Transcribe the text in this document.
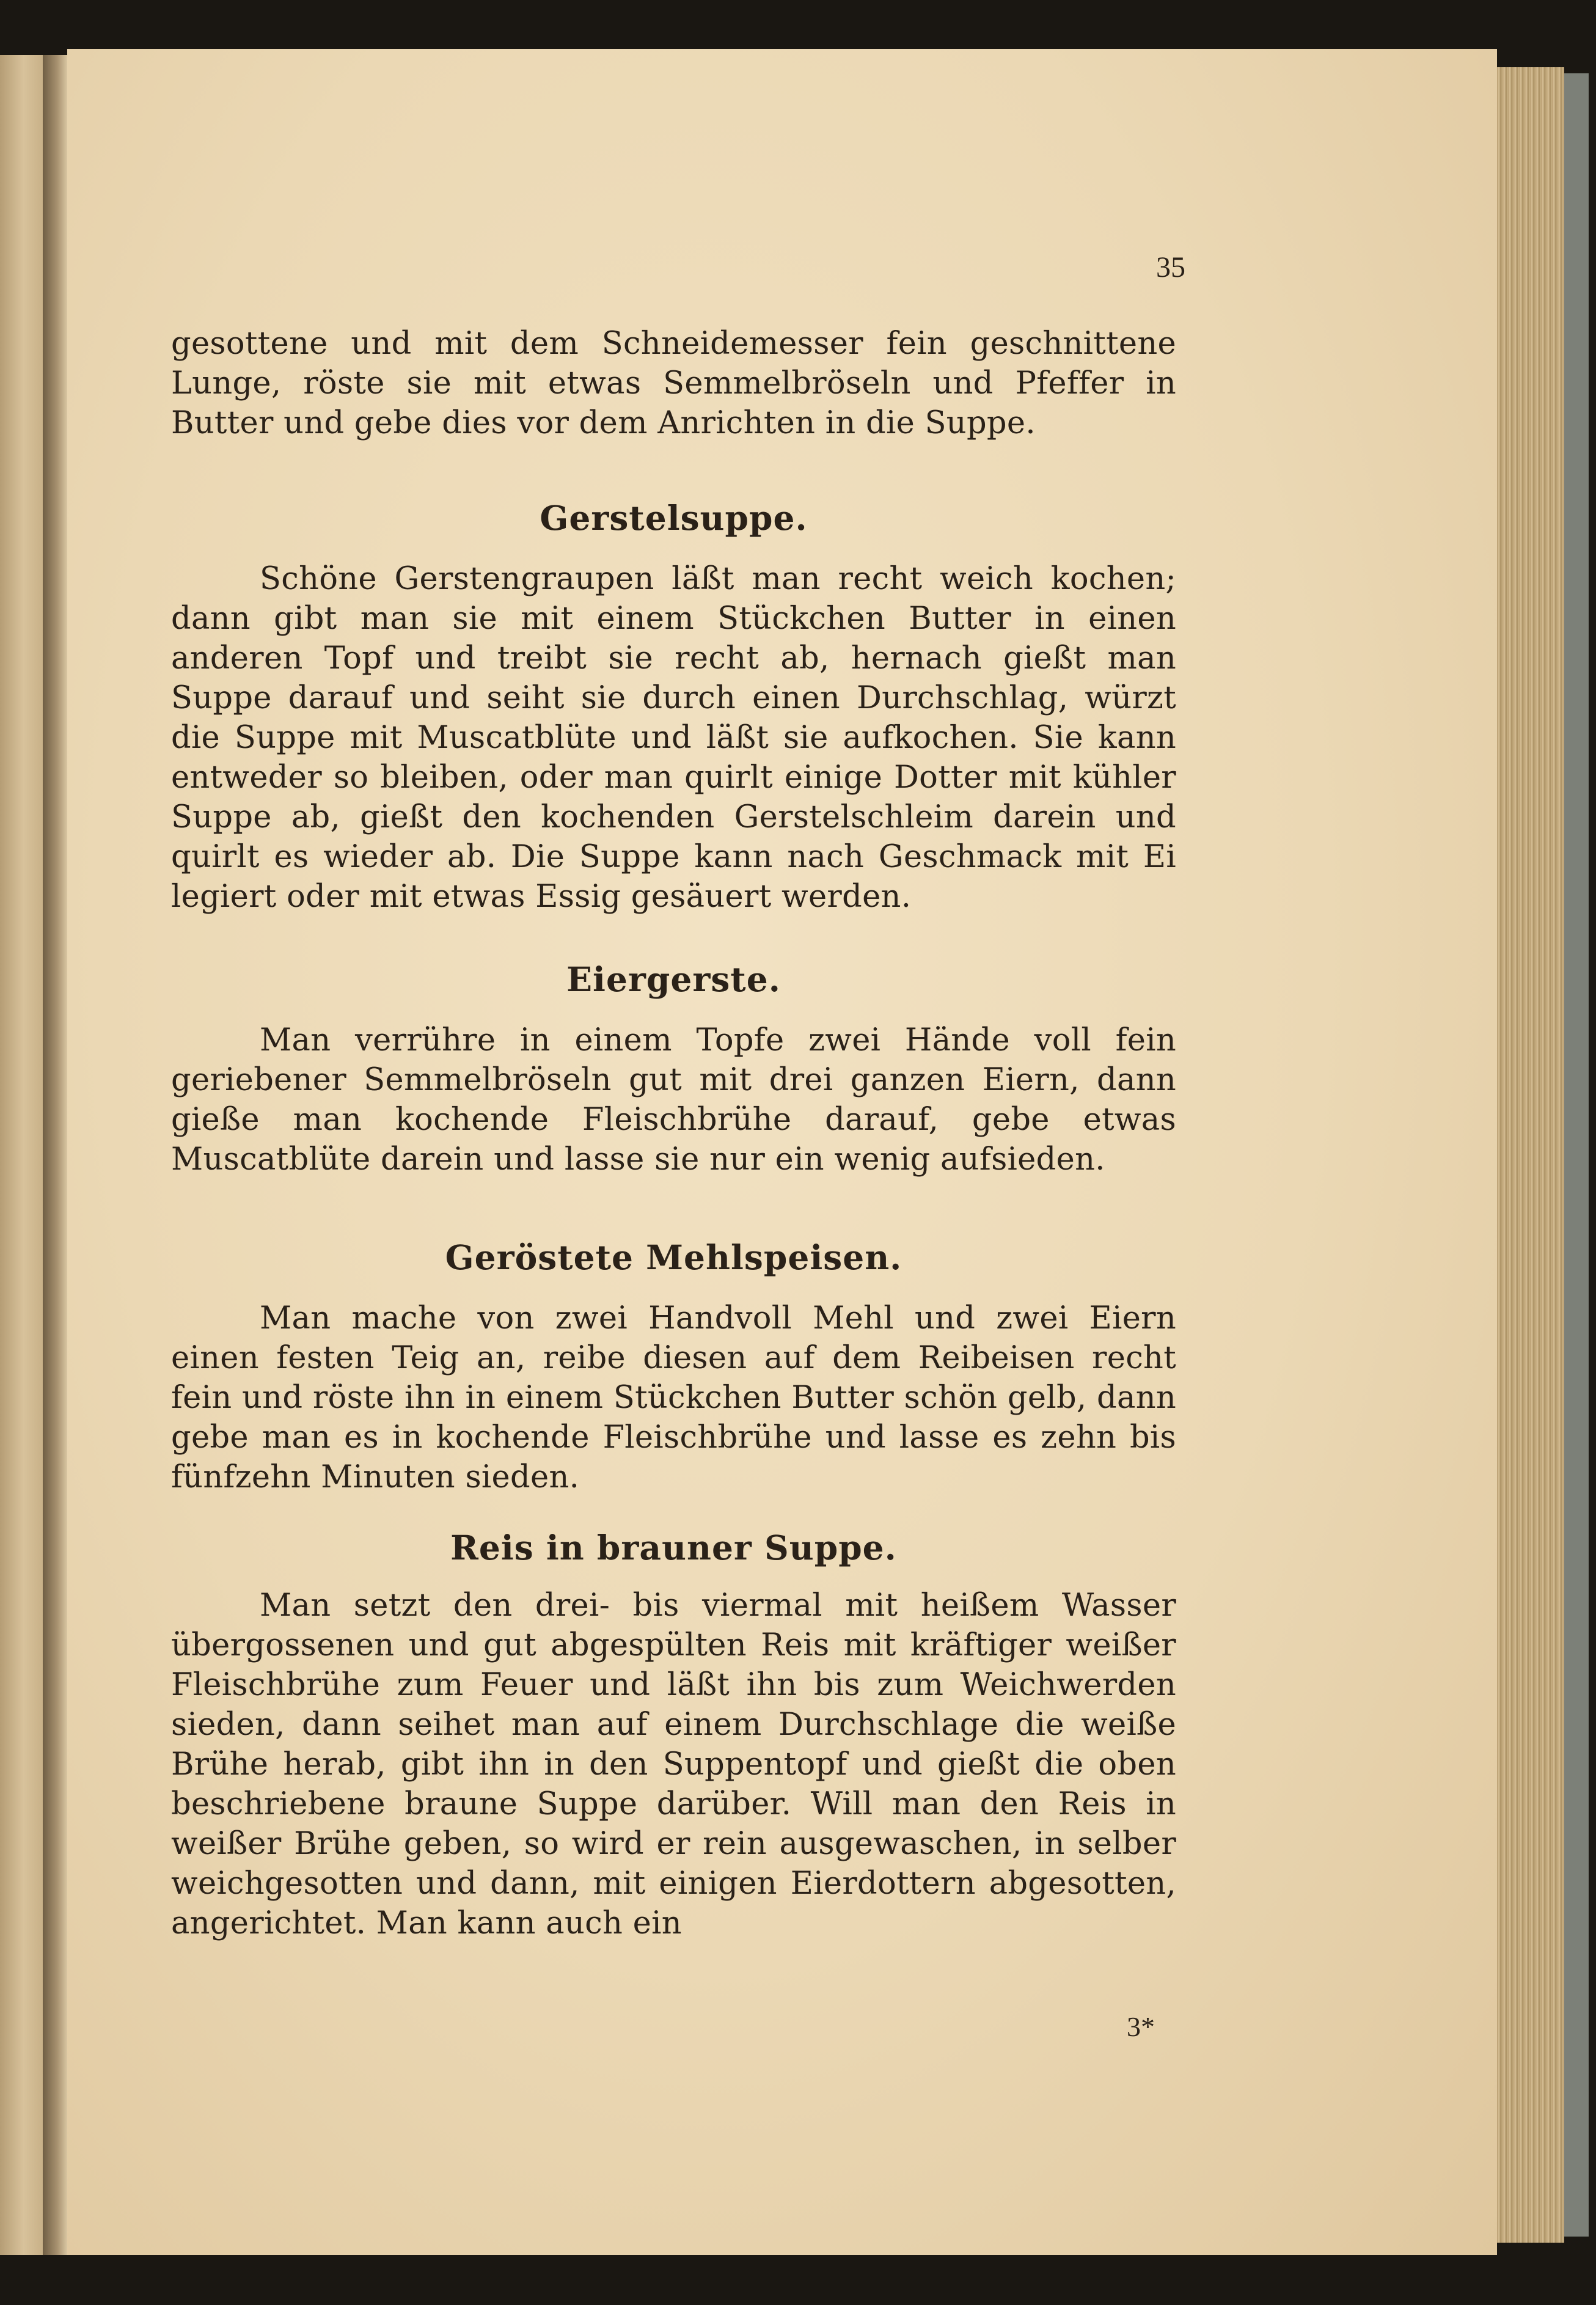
35

gesottene und mit dem Schneidemesser fein geschnittene Lunge, röste sie mit etwas Semmelbröseln und Pfeffer in Butter und gebe dies vor dem Anrichten in die Suppe.

Gerstelsuppe.

Schöne Gerstengraupen läßt man recht weich kochen; dann gibt man sie mit einem Stückchen Butter in einen anderen Topf und treibt sie recht ab, hernach gießt man Suppe darauf und seiht sie durch einen Durchschlag, würzt die Suppe mit Muscatblüte und läßt sie aufkochen. Sie kann entweder so bleiben, oder man quirlt einige Dotter mit kühler Suppe ab, gießt den kochenden Gerstelschleim darein und quirlt es wieder ab. Die Suppe kann nach Geschmack mit Ei legiert oder mit etwas Essig gesäuert werden.

Eiergerste.

Man verrühre in einem Topfe zwei Hände voll fein geriebener Semmelbröseln gut mit drei ganzen Eiern, dann gieße man kochende Fleischbrühe darauf, gebe etwas Muscatblüte darein und lasse sie nur ein wenig aufsieden.

Geröstete Mehlspeisen.

Man mache von zwei Handvoll Mehl und zwei Eiern einen festen Teig an, reibe diesen auf dem Reibeisen recht fein und röste ihn in einem Stückchen Butter schön gelb, dann gebe man es in kochende Fleischbrühe und lasse es zehn bis fünfzehn Minuten sieden.

Reis in brauner Suppe.

Man setzt den drei- bis viermal mit heißem Wasser übergossenen und gut abgespülten Reis mit kräftiger weißer Fleischbrühe zum Feuer und läßt ihn bis zum Weichwerden sieden, dann seihet man auf einem Durchschlage die weiße Brühe herab, gibt ihn in den Suppentopf und gießt die oben beschriebene braune Suppe darüber. Will man den Reis in weißer Brühe geben, so wird er rein ausgewaschen, in selber weichgesotten und dann, mit einigen Eierdottern abgesotten, angerichtet. Man kann auch ein

3*
